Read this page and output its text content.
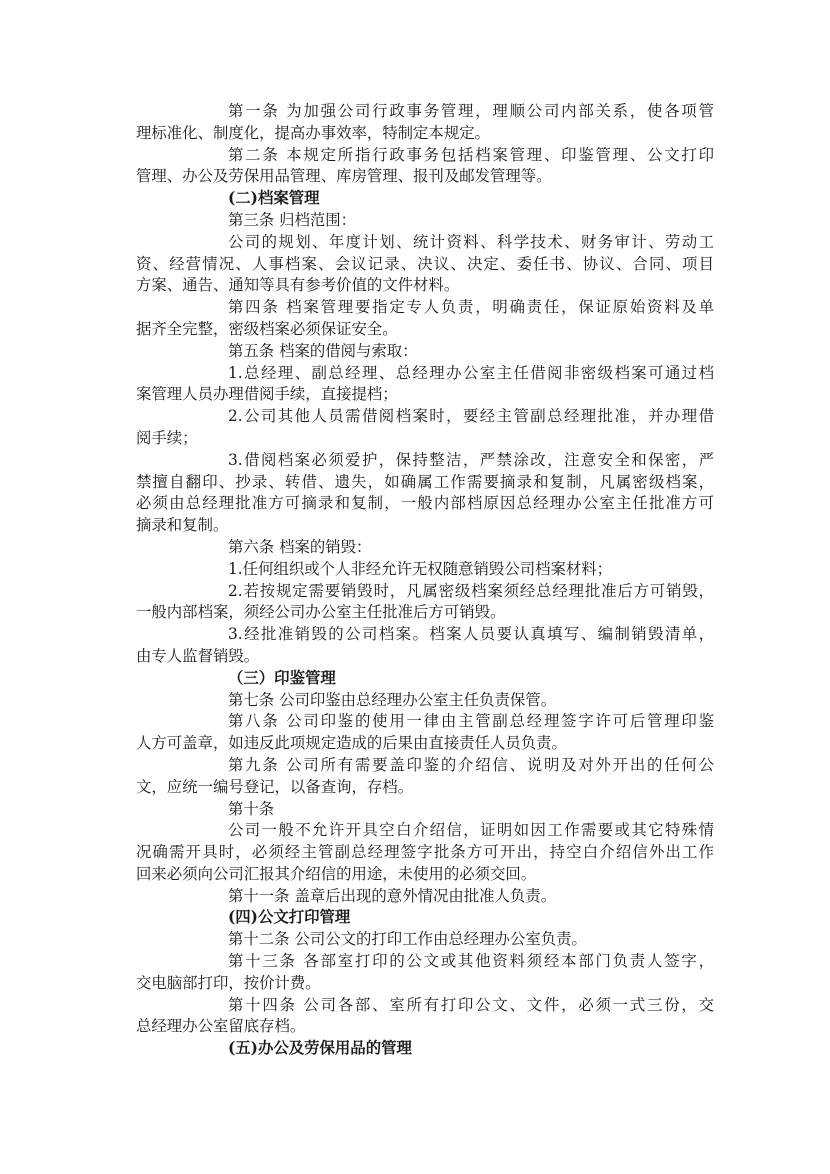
第一条 为加强公司行政事务管理，理顺公司内部关系，使各项管
理标准化、制度化，提高办事效率，特制定本规定。
第二条 本规定所指行政事务包括档案管理、印鉴管理、公文打印
管理、办公及劳保用品管理、库房管理、报刊及邮发管理等。
(二)档案管理
第三条 归档范围：
公司的规划、年度计划、统计资料、科学技术、财务审计、劳动工
资、经营情况、人事档案、会议记录、决议、决定、委任书、协议、合同、项目
方案、通告、通知等具有参考价值的文件材料。
第四条 档案管理要指定专人负责，明确责任，保证原始资料及单
据齐全完整，密级档案必须保证安全。
第五条 档案的借阅与索取：
1.总经理、副总经理、总经理办公室主任借阅非密级档案可通过档
案管理人员办理借阅手续，直接提档；
2.公司其他人员需借阅档案时，要经主管副总经理批准，并办理借
阅手续；
3.借阅档案必须爱护，保持整洁，严禁涂改，注意安全和保密，严
禁擅自翻印、抄录、转借、遗失，如确属工作需要摘录和复制，凡属密级档案，
必须由总经理批准方可摘录和复制，一般内部档原因总经理办公室主任批准方可
摘录和复制。
第六条 档案的销毁：
1.任何组织或个人非经允许无权随意销毁公司档案材料；
2.若按规定需要销毁时，凡属密级档案须经总经理批准后方可销毁，
一般内部档案，须经公司办公室主任批准后方可销毁。
3.经批准销毁的公司档案。档案人员要认真填写、编制销毁清单，
由专人监督销毁。
（三）印鉴管理
第七条 公司印鉴由总经理办公室主任负责保管。
第八条 公司印鉴的使用一律由主管副总经理签字许可后管理印鉴
人方可盖章，如违反此项规定造成的后果由直接责任人员负责。
第九条 公司所有需要盖印鉴的介绍信、说明及对外开出的任何公
文，应统一编号登记，以备查询，存档。
第十条
公司一般不允许开具空白介绍信，证明如因工作需要或其它特殊情
况确需开具时，必须经主管副总经理签字批条方可开出，持空白介绍信外出工作
回来必须向公司汇报其介绍信的用途，未使用的必须交回。
第十一条 盖章后出现的意外情况由批准人负责。
(四)公文打印管理
第十二条 公司公文的打印工作由总经理办公室负责。
第十三条 各部室打印的公文或其他资料须经本部门负责人签字，
交电脑部打印，按价计费。
第十四条 公司各部、室所有打印公文、文件，必须一式三份，交
总经理办公室留底存档。
(五)办公及劳保用品的管理
